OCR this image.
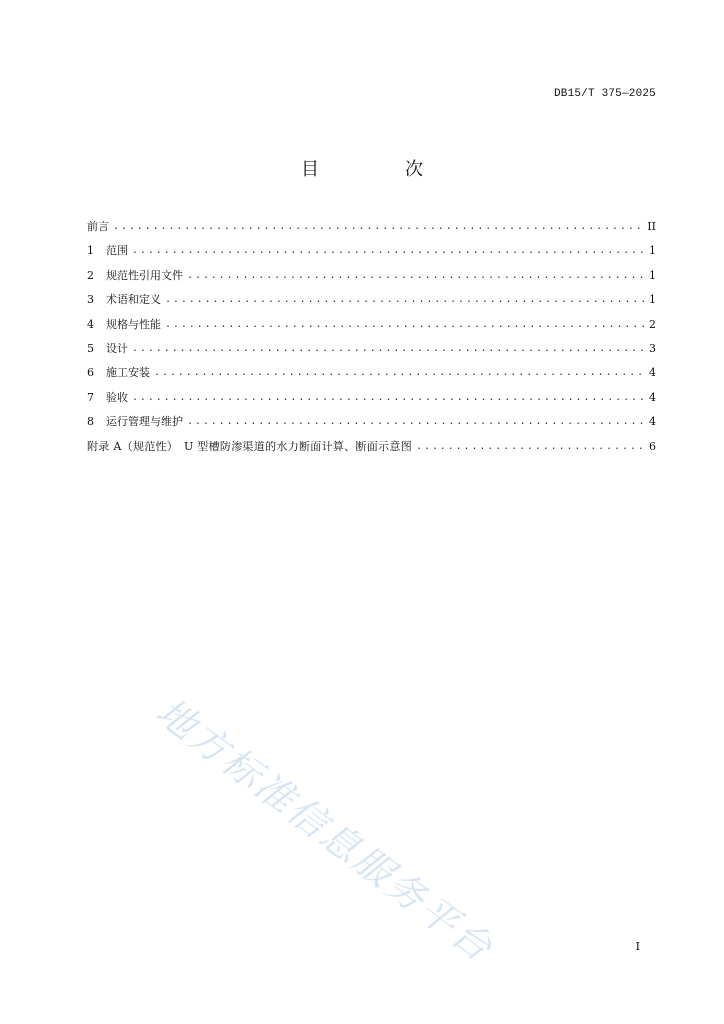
DB15/T 375—2025
目　次
前言 .....	II
1	范围 .....	1
2	规范性引用文件 .....	1
3	术语和定义 .....	1
4	规格与性能 .....	2
5	设计 .....	3
6	施工安装 .....	4
7	验收 .....	4
8	运行管理与维护 .....	4
附录 A（规范性）　U 型槽防渗渠道的水力断面计算、断面示意图 .....	6
地方标准信息服务平台	I
